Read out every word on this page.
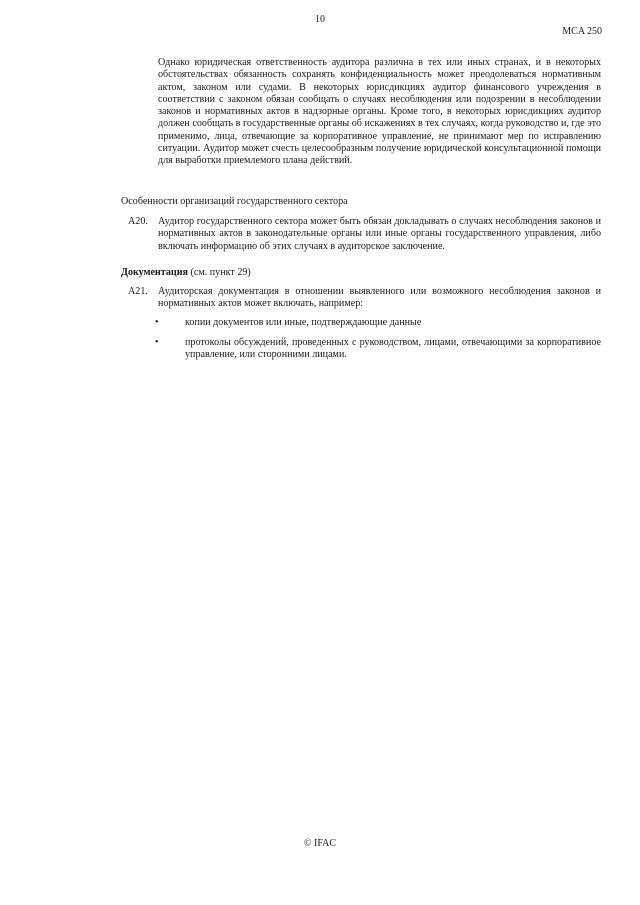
10
MCA 250
Однако юридическая ответственность аудитора различна в тех или иных странах, и в некоторых обстоятельствах обязанность сохранять конфиденциальность может преодолеваться нормативным актом, законом или судами. В некоторых юрисдикциях аудитор финансового учреждения в соответствии с законом обязан сообщать о случаях несоблюдения или подозрении в несоблюдении законов и нормативных актов в надзорные органы. Кроме того, в некоторых юрисдикциях аудитор должен сообщать в государственные органы об искажениях в тех случаях, когда руководство и, где это применимо, лица, отвечающие за корпоративное управление, не принимают мер по исправлению ситуации. Аудитор может счесть целесообразным получение юридической консультационной помощи для выработки приемлемого плана действий.
Особенности организаций государственного сектора
A20. Аудитор государственного сектора может быть обязан докладывать о случаях несоблюдения законов и нормативных актов в законодательные органы или иные органы государственного управления, либо включать информацию об этих случаях в аудиторское заключение.
Документация (см. пункт 29)
A21. Аудиторская документация в отношении выявленного или возможного несоблюдения законов и нормативных актов может включать, например:
•	копии документов или иные, подтверждающие данные
•	протоколы обсуждений, проведенных с руководством, лицами, отвечающими за корпоративное управление, или сторонними лицами.
© IFAC
